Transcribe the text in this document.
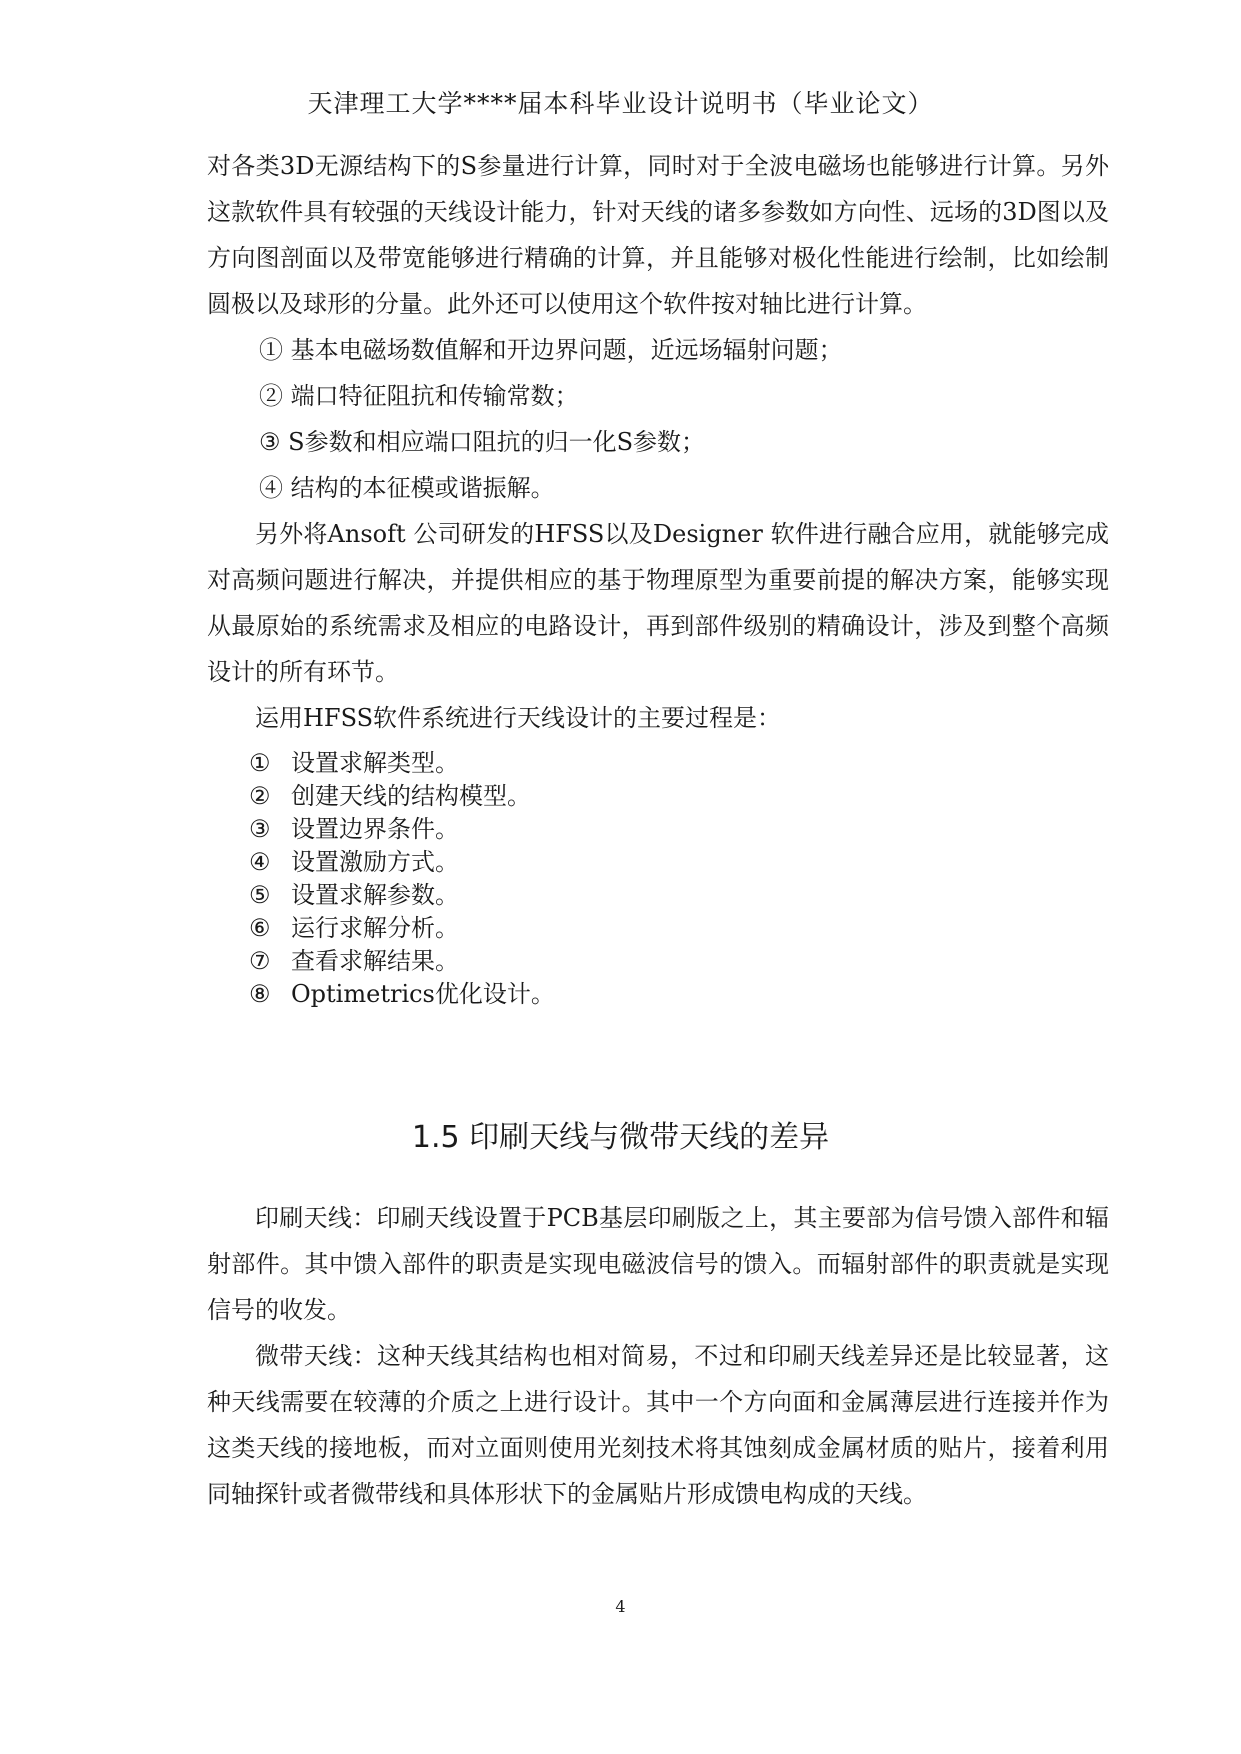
天津理工大学****届本科毕业设计说明书（毕业论文）

对各类3D无源结构下的S参量进行计算，同时对于全波电磁场也能够进行计算。另外这款软件具有较强的天线设计能力，针对天线的诸多参数如方向性、远场的3D图以及方向图剖面以及带宽能够进行精确的计算，并且能够对极化性能进行绘制，比如绘制圆极以及球形的分量。此外还可以使用这个软件按对轴比进行计算。

① 基本电磁场数值解和开边界问题，近远场辐射问题；

② 端口特征阻抗和传输常数；

③ S参数和相应端口阻抗的归一化S参数；

④ 结构的本征模或谐振解。

另外将Ansoft 公司研发的HFSS以及Designer 软件进行融合应用，就能够完成对高频问题进行解决，并提供相应的基于物理原型为重要前提的解决方案，能够实现从最原始的系统需求及相应的电路设计，再到部件级别的精确设计，涉及到整个高频设计的所有环节。

运用HFSS软件系统进行天线设计的主要过程是：

① 设置求解类型。

② 创建天线的结构模型。

③ 设置边界条件。

④ 设置激励方式。

⑤ 设置求解参数。

⑥ 运行求解分析。

⑦ 查看求解结果。

⑧ Optimetrics优化设计。

1.5 印刷天线与微带天线的差异

印刷天线：印刷天线设置于PCB基层印刷版之上，其主要部为信号馈入部件和辐射部件。其中馈入部件的职责是实现电磁波信号的馈入。而辐射部件的职责就是实现信号的收发。

微带天线：这种天线其结构也相对简易，不过和印刷天线差异还是比较显著，这种天线需要在较薄的介质之上进行设计。其中一个方向面和金属薄层进行连接并作为这类天线的接地板，而对立面则使用光刻技术将其蚀刻成金属材质的贴片，接着利用同轴探针或者微带线和具体形状下的金属贴片形成馈电构成的天线。

4
